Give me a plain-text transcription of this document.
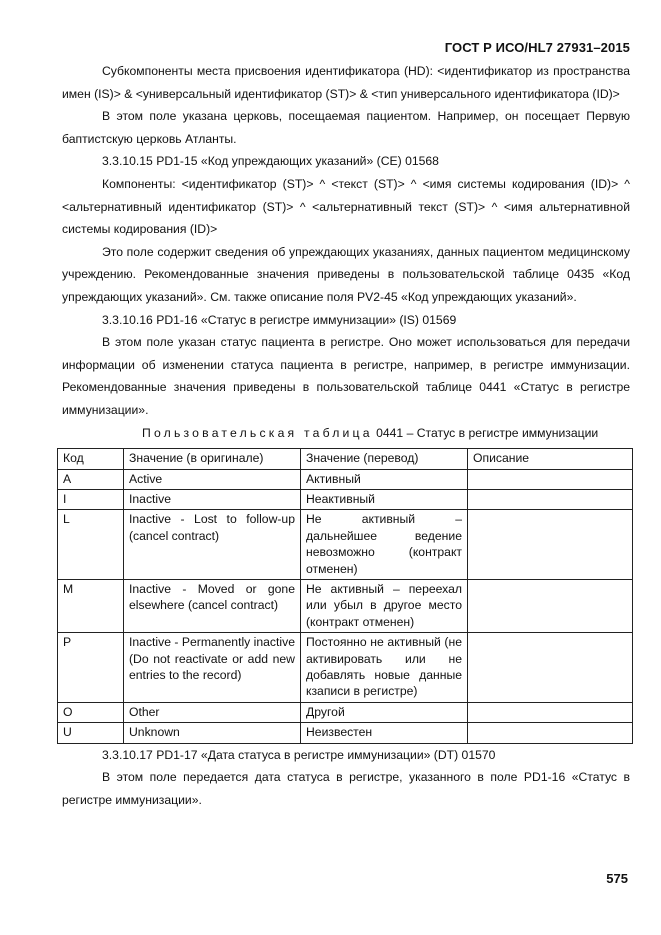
ГОСТ Р ИСО/HL7 27931–2015

Субкомпоненты места присвоения идентификатора (HD): <идентификатор из пространства имен (IS)> & <универсальный идентификатор (ST)> & <тип универсального идентификатора (ID)>

В этом поле указана церковь, посещаемая пациентом. Например, он посещает Первую баптистскую церковь Атланты.

3.3.10.15 PD1-15 «Код упреждающих указаний» (CE) 01568

Компоненты: <идентификатор (ST)> ^ <текст (ST)> ^ <имя системы кодирования (ID)> ^ <альтернативный идентификатор (ST)> ^ <альтернативный текст (ST)> ^ <имя альтернативной системы кодирования (ID)>

Это поле содержит сведения об упреждающих указаниях, данных пациентом медицинскому учреждению. Рекомендованные значения приведены в пользовательской таблице 0435 «Код упреждающих указаний». См. также описание поля PV2-45 «Код упреждающих указаний».

3.3.10.16 PD1-16 «Статус в регистре иммунизации» (IS) 01569

В этом поле указан статус пациента в регистре. Оно может использоваться для передачи информации об изменении статуса пациента в регистре, например, в регистре иммунизации. Рекомендованные значения приведены в пользовательской таблице 0441 «Статус в регистре иммунизации».

Пользовательская таблица 0441 – Статус в регистре иммунизации

Код	Значение (в оригинале)	Значение (перевод)	Описание
A	Active	Активный	
I	Inactive	Неактивный	
L	Inactive - Lost to follow-up (cancel contract)	Не активный – дальнейшее ведение невозможно (контракт отменен)	
M	Inactive - Moved or gone elsewhere (cancel contract)	Не активный – переехал или убыл в другое место (контракт отменен)	
P	Inactive - Permanently inactive (Do not reactivate or add new entries to the record)	Постоянно не активный (не активировать или не добавлять новые данные кзаписи в регистре)	
O	Other	Другой	
U	Unknown	Неизвестен	

3.3.10.17 PD1-17 «Дата статуса в регистре иммунизации» (DT) 01570

В этом поле передается дата статуса в регистре, указанного в поле PD1-16 «Статус в регистре иммунизации».

575
